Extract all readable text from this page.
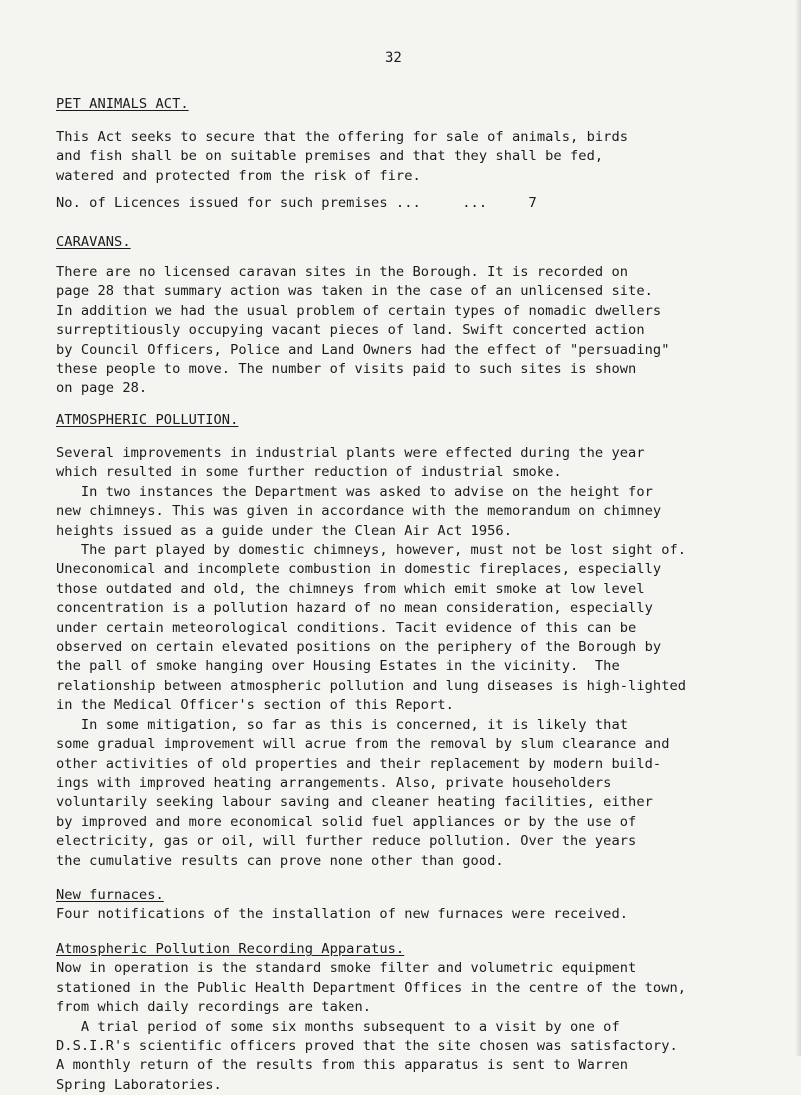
32
PET ANIMALS ACT.
This Act seeks to secure that the offering for sale of animals, birds
and fish shall be on suitable premises and that they shall be fed,
watered and protected from the risk of fire.
No. of Licences issued for such premises ...     ...     7
CARAVANS.
There are no licensed caravan sites in the Borough. It is recorded on
page 28 that summary action was taken in the case of an unlicensed site.
In addition we had the usual problem of certain types of nomadic dwellers
surreptitiously occupying vacant pieces of land. Swift concerted action
by Council Officers, Police and Land Owners had the effect of "persuading"
these people to move. The number of visits paid to such sites is shown
on page 28.
ATMOSPHERIC POLLUTION.
Several improvements in industrial plants were effected during the year
which resulted in some further reduction of industrial smoke.
In two instances the Department was asked to advise on the height for
new chimneys. This was given in accordance with the memorandum on chimney
heights issued as a guide under the Clean Air Act 1956.
The part played by domestic chimneys, however, must not be lost sight of.
Uneconomical and incomplete combustion in domestic fireplaces, especially
those outdated and old, the chimneys from which emit smoke at low level
concentration is a pollution hazard of no mean consideration, especially
under certain meteorological conditions. Tacit evidence of this can be
observed on certain elevated positions on the periphery of the Borough by
the pall of smoke hanging over Housing Estates in the vicinity.  The
relationship between atmospheric pollution and lung diseases is high-lighted
in the Medical Officer's section of this Report.
In some mitigation, so far as this is concerned, it is likely that
some gradual improvement will acrue from the removal by slum clearance and
other activities of old properties and their replacement by modern build-
ings with improved heating arrangements. Also, private householders
voluntarily seeking labour saving and cleaner heating facilities, either
by improved and more economical solid fuel appliances or by the use of
electricity, gas or oil, will further reduce pollution. Over the years
the cumulative results can prove none other than good.
New furnaces.
Four notifications of the installation of new furnaces were received.
Atmospheric Pollution Recording Apparatus.
Now in operation is the standard smoke filter and volumetric equipment
stationed in the Public Health Department Offices in the centre of the town,
from which daily recordings are taken.
A trial period of some six months subsequent to a visit by one of
D.S.I.R's scientific officers proved that the site chosen was satisfactory.
A monthly return of the results from this apparatus is sent to Warren
Spring Laboratories.
